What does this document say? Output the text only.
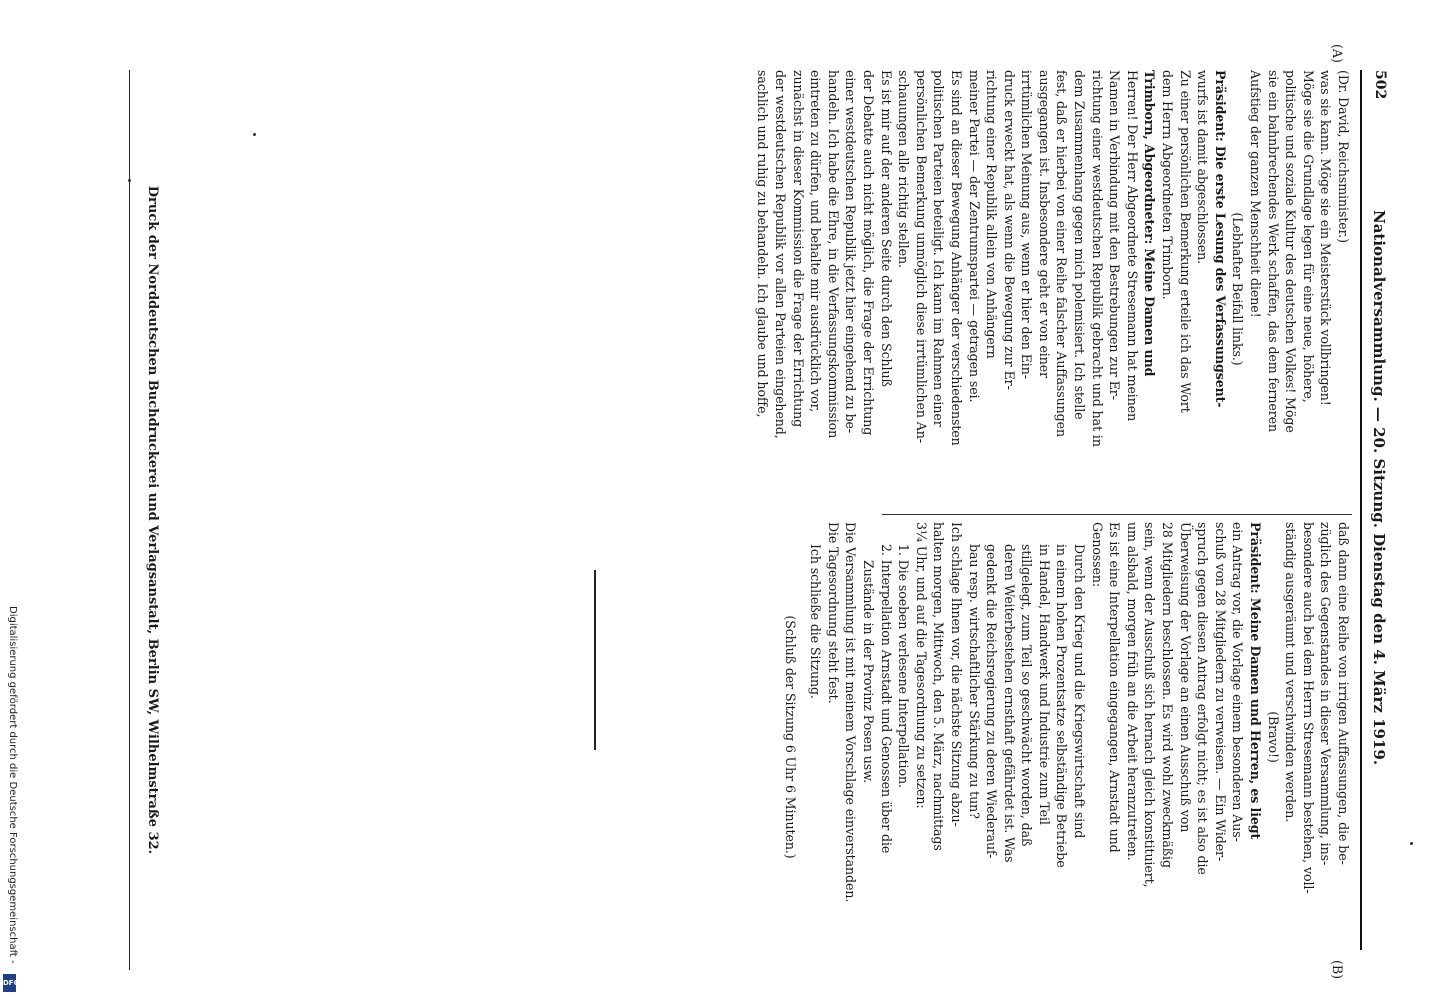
502
Nationalversammlung. — 20. Sitzung. Dienstag den 4. März 1919.
(A)
(B)
(Dr. David, Reichsminister.)
was sie kann. Möge sie ein Meisterstück vollbringen!
Möge sie die Grundlage legen für eine neue, höhere,
politische und soziale Kultur des deutschen Volkes! Möge
sie ein bahnbrechendes Werk schaffen, das dem ferneren
Aufstieg der ganzen Menschheit diene!
(Lebhafter Beifall links.)
Präsident: Die erste Lesung des Verfassungsent-
wurfs ist damit abgeschlossen.
Zu einer persönlichen Bemerkung erteile ich das Wort
dem Herrn Abgeordneten Trimborn.
Trimborn, Abgeordneter: Meine Damen und
Herren! Der Herr Abgeordnete Stresemann hat meinen
Namen in Verbindung mit den Bestrebungen zur Er-
richtung einer westdeutschen Republik gebracht und hat in
dem Zusammenhang gegen mich polemisiert. Ich stelle
fest, daß er hierbei von einer Reihe falscher Auffassungen
ausgegangen ist. Insbesondere geht er von einer
irrtümlichen Meinung aus, wenn er hier den Ein-
druck erweckt hat, als wenn die Bewegung zur Er-
richtung einer Republik allein von Anhängern
meiner Partei — der Zentrumspartei — getragen sei.
Es sind an dieser Bewegung Anhänger der verschiedensten
politischen Parteien beteiligt. Ich kann im Rahmen einer
persönlichen Bemerkung unmöglich diese irrtümlichen An-
schauungen alle richtig stellen.
Es ist mir auf der anderen Seite durch den Schluß
der Debatte auch nicht möglich, die Frage der Errichtung
einer westdeutschen Republik jetzt hier eingehend zu be-
handeln. Ich habe die Ehre, in die Verfassungskommission
eintreten zu dürfen, und behalte mir ausdrücklich vor,
zunächst in dieser Kommission die Frage der Errichtung
der westdeutschen Republik vor allen Parteien eingehend,
sachlich und ruhig zu behandeln. Ich glaube und hoffe,
daß dann eine Reihe von irrigen Auffassungen, die be-
züglich des Gegenstandes in dieser Versammlung, ins-
besondere auch bei dem Herrn Stresemann bestehen, voll-
ständig ausgeräumt und verschwinden werden.
(Bravo!)
Präsident: Meine Damen und Herren, es liegt
ein Antrag vor, die Vorlage einem besonderen Aus-
schuß von 28 Mitgliedern zu verweisen. — Ein Wider-
spruch gegen diesen Antrag erfolgt nicht; es ist also die
Überweisung der Vorlage an einen Ausschuß von
28 Mitgliedern beschlossen. Es wird wohl zweckmäßig
sein, wenn der Ausschuß sich hernach gleich konstituiert,
um alsbald, morgen früh an die Arbeit heranzutreten.
Es ist eine Interpellation eingegangen, Arnstadt und
Genossen:
Durch den Krieg und die Kriegswirtschaft sind
in einem hohen Prozentsatze selbständige Betriebe
in Handel, Handwerk und Industrie zum Teil
stillgelegt, zum Teil so geschwächt worden, daß
deren Weiterbestehen ernsthaft gefährdet ist. Was
gedenkt die Reichsregierung zu deren Wiederauf-
bau resp. wirtschaftlicher Stärkung zu tun?
Ich schlage Ihnen vor, die nächste Sitzung abzu-
halten morgen, Mittwoch, den 5. März, nachmittags
3¼ Uhr, und auf die Tagesordnung zu setzen:
1. Die soeben verlesene Interpellation.
2. Interpellation Arnstadt und Genossen über die
Zustände in der Provinz Posen usw.
Die Versammlung ist mit meinem Vorschlage einverstanden.
Die Tagesordnung steht fest.
Ich schließe die Sitzung.
(Schluß der Sitzung 6 Uhr 6 Minuten.)
Druck der Norddeutschen Buchdruckerei und Verlagsanstalt, Berlin SW, Wilhelmstraße 32.
Digitalisierung gefördert durch die Deutsche Forschungsgemeinschaft -
DFG
